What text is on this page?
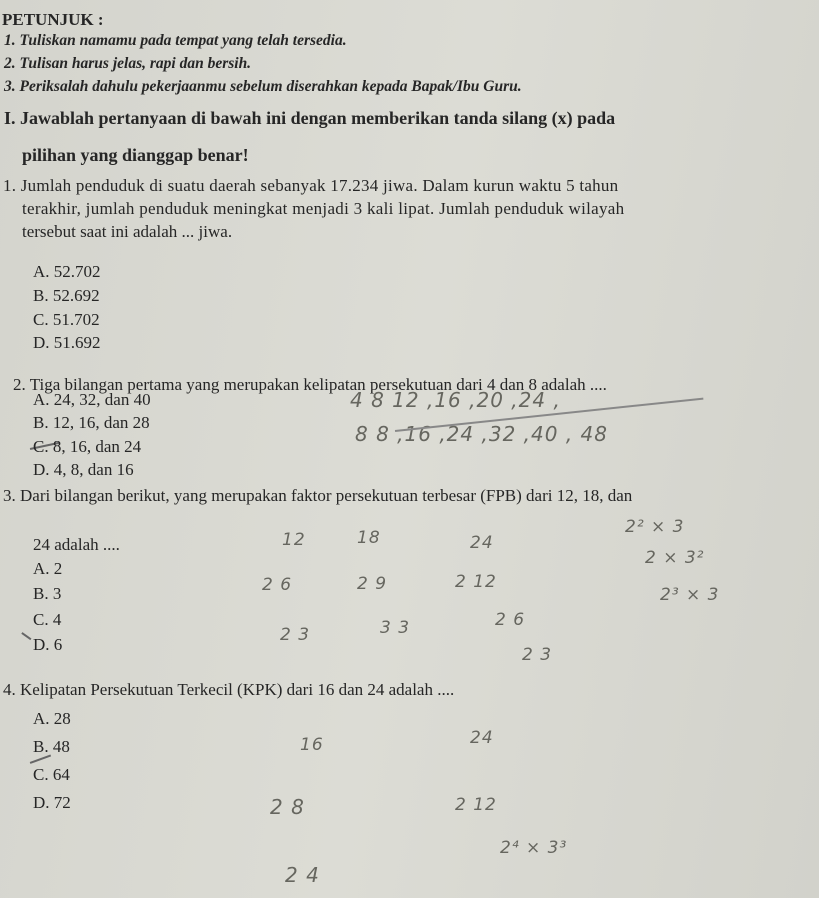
PETUNJUK :
1. Tuliskan namamu pada tempat yang telah tersedia.
2. Tulisan harus jelas, rapi dan bersih.
3. Periksalah dahulu pekerjaanmu sebelum diserahkan kepada Bapak/Ibu Guru.
I. Jawablah pertanyaan di bawah ini dengan memberikan tanda silang (x) pada
pilihan yang dianggap benar!
1. Jumlah penduduk di suatu daerah sebanyak 17.234 jiwa. Dalam kurun waktu 5 tahun
terakhir, jumlah penduduk meningkat menjadi 3 kali lipat. Jumlah penduduk wilayah
tersebut saat ini adalah ... jiwa.
A. 52.702
B. 52.692
C. 51.702
D. 51.692
2. Tiga bilangan pertama yang merupakan kelipatan persekutuan dari 4 dan 8 adalah ....
A. 24, 32, dan 40
B. 12, 16, dan 28
C. 8, 16, dan 24
D. 4, 8, dan 16
4 8 12 ,16 ,20 ,24 ,
8 8 ,16 ,24 ,32 ,40 , 48
3. Dari bilangan berikut, yang merupakan faktor persekutuan terbesar (FPB) dari 12, 18, dan
24 adalah ....
A. 2
B. 3
C. 4
D. 6
12
2 6
2 3
18
2 9
3 3
24
2 12
2 6
2 3
2² × 3
2 × 3²
2³ × 3
4. Kelipatan Persekutuan Terkecil (KPK) dari 16 dan 24 adalah ....
A. 28
B. 48
C. 64
D. 72
16
2 8
2 4
24
2 12
2⁴ × 3³
